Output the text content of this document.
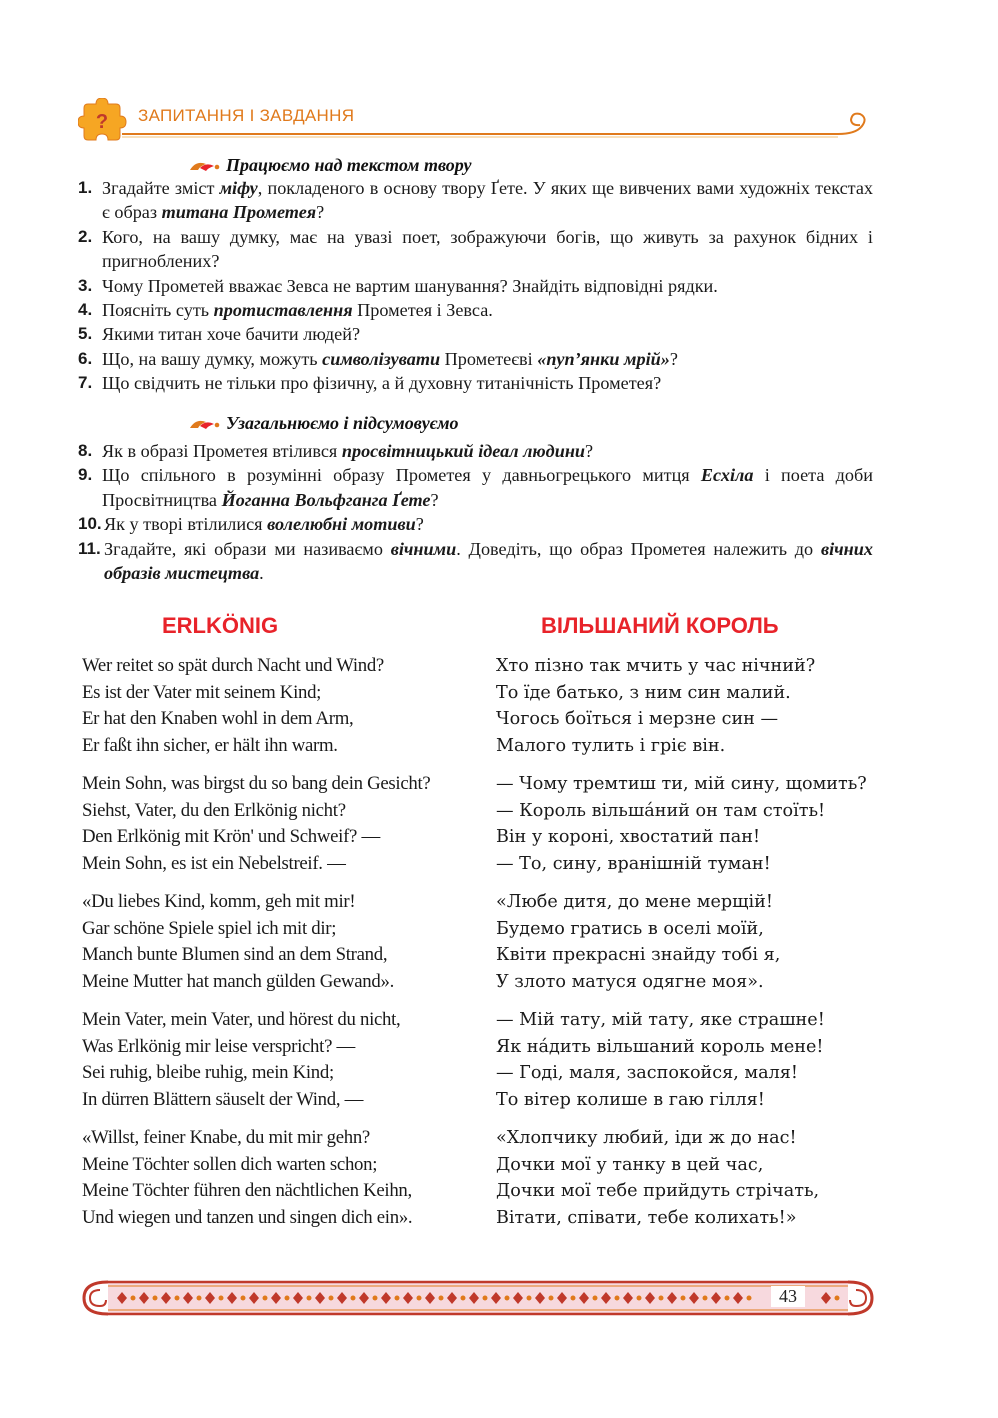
? ЗАПИТАННЯ І ЗАВДАННЯ
Працюємо над текстом твору
1. Згадайте зміст міфу, покладеного в основу твору Ґете. У яких ще вивчених вами художніх текстах є образ титана Прометея?
2. Кого, на вашу думку, має на увазі поет, зображуючи богів, що живуть за рахунок бідних і пригноблених?
3. Чому Прометей вважає Зевса не вартим шанування? Знайдіть відповідні рядки.
4. Поясніть суть протиставлення Прометея і Зевса.
5. Якими титан хоче бачити людей?
6. Що, на вашу думку, можуть символізувати Прометеєві «пуп’янки мрій»?
7. Що свідчить не тільки про фізичну, а й духовну титанічність Прометея?
Узагальнюємо і підсумовуємо
8. Як в образі Прометея втілився просвітницький ідеал людини?
9. Що спільного в розумінні образу Прометея у давньогрецького митця Есхіла і поета доби Просвітництва Йоганна Вольфганга Ґете?
10. Як у творі втілилися волелюбні мотиви?
11. Згадайте, які образи ми називаємо вічними. Доведіть, що образ Прометея належить до вічних образів мистецтва.
ERLKÖNIG	ВІЛЬШАНИЙ КОРОЛЬ
Wer reitet so spät durch Nacht und Wind?
Es ist der Vater mit seinem Kind;
Er hat den Knaben wohl in dem Arm,
Er faßt ihn sicher, er hält ihn warm.
Mein Sohn, was birgst du so bang dein Gesicht?
Siehst, Vater, du den Erlkönig nicht?
Den Erlkönig mit Krön' und Schweif? —
Mein Sohn, es ist ein Nebelstreif. —
«Du liebes Kind, komm, geh mit mir!
Gar schöne Spiele spiel ich mit dir;
Manch bunte Blumen sind an dem Strand,
Meine Mutter hat manch gülden Gewand».
Mein Vater, mein Vater, und hörest du nicht,
Was Erlkönig mir leise verspricht? —
Sei ruhig, bleibe ruhig, mein Kind;
In dürren Blättern säuselt der Wind, —
«Willst, feiner Knabe, du mit mir gehn?
Meine Töchter sollen dich warten schon;
Meine Töchter führen den nächtlichen Keihn,
Und wiegen und tanzen und singen dich ein».
Хто пізно так мчить у час нічний?
То їде батько, з ним син малий.
Чогось боїться і мерзне син —
Малого тулить і гріє він.
— Чому тремтиш ти, мій сину, щомить?
— Король вільша́ний он там стоїть!
Він у короні, хвостатий пан!
— То, сину, вранішній туман!
«Любе дитя, до мене мерщій!
Будемо гратись в оселі моїй,
Квіти прекрасні знайду тобі я,
У злото матуся одягне моя».
— Мій тату, мій тату, яке страшне!
Як на́дить вільшаний король мене!
— Годі, маля, заспокойся, маля!
То вітер колише в гаю гілля!
«Хлопчику любий, іди ж до нас!
Дочки мої у танку в цей час,
Дочки мої тебе прийдуть стрічать,
Вітати, співати, тебе колихать!»
43
